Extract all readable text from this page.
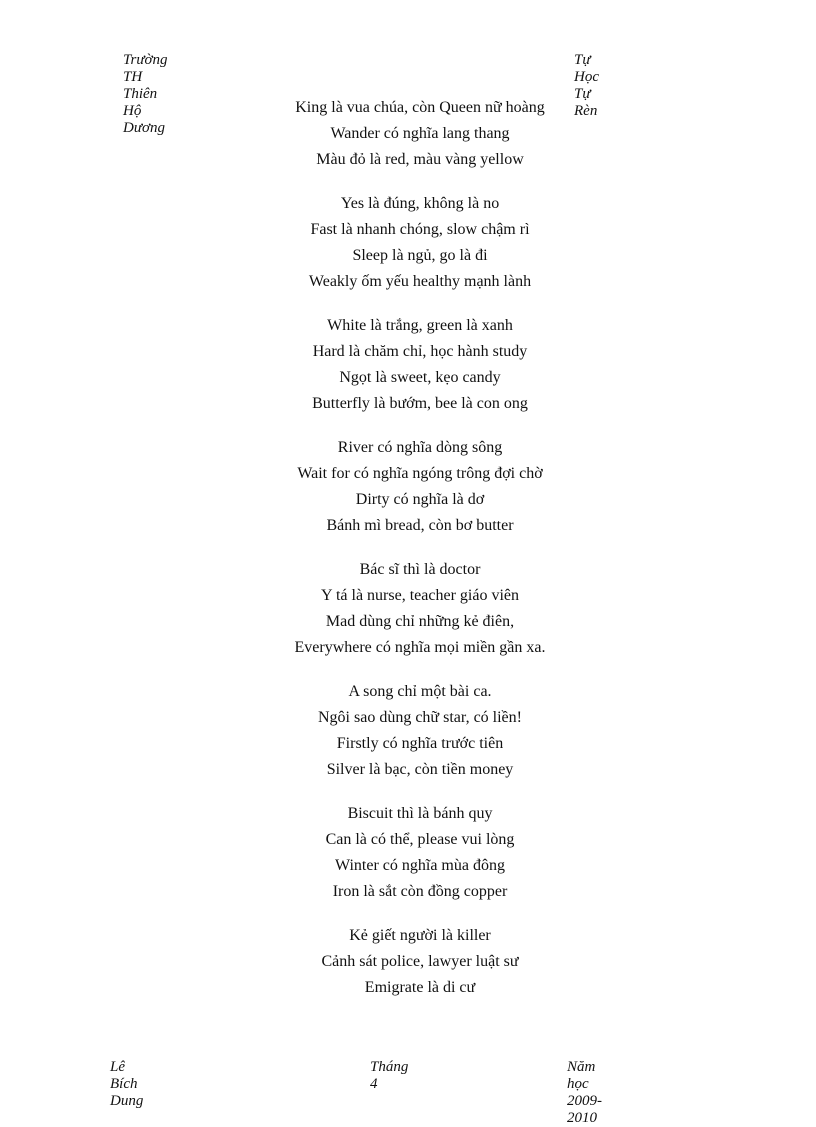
Trường TH Thiên Hộ Dương
Tự Học Tự Rèn
King là vua chúa, còn Queen nữ hoàng
Wander có nghĩa lang thang
Màu đỏ là red, màu vàng yellow
Yes là đúng, không là no
Fast là nhanh chóng, slow chậm rì
Sleep là ngủ, go là đi
Weakly ốm yếu healthy mạnh lành
White là trắng, green là xanh
Hard là chăm chỉ, học hành study
Ngọt là sweet, kẹo candy
Butterfly là bướm, bee là con ong
River có nghĩa dòng sông
Wait for có nghĩa ngóng trông đợi chờ
Dirty có nghĩa là dơ
Bánh mì bread, còn bơ butter
Bác sĩ thì là doctor
Y tá là nurse, teacher giáo viên
Mad dùng chỉ những kẻ điên,
Everywhere có nghĩa mọi miền gần xa.
A song chỉ một bài ca.
Ngôi sao dùng chữ star, có liền!
Firstly có nghĩa trước tiên
Silver là bạc, còn tiền money
Biscuit thì là bánh quy
Can là có thể, please vui lòng
Winter có nghĩa mùa đông
Iron là sắt còn đồng copper
Kẻ giết người là killer
Cảnh sát police, lawyer luật sư
Emigrate là di cư
Lê Bích Dung
Tháng 4
Năm học 2009-2010
